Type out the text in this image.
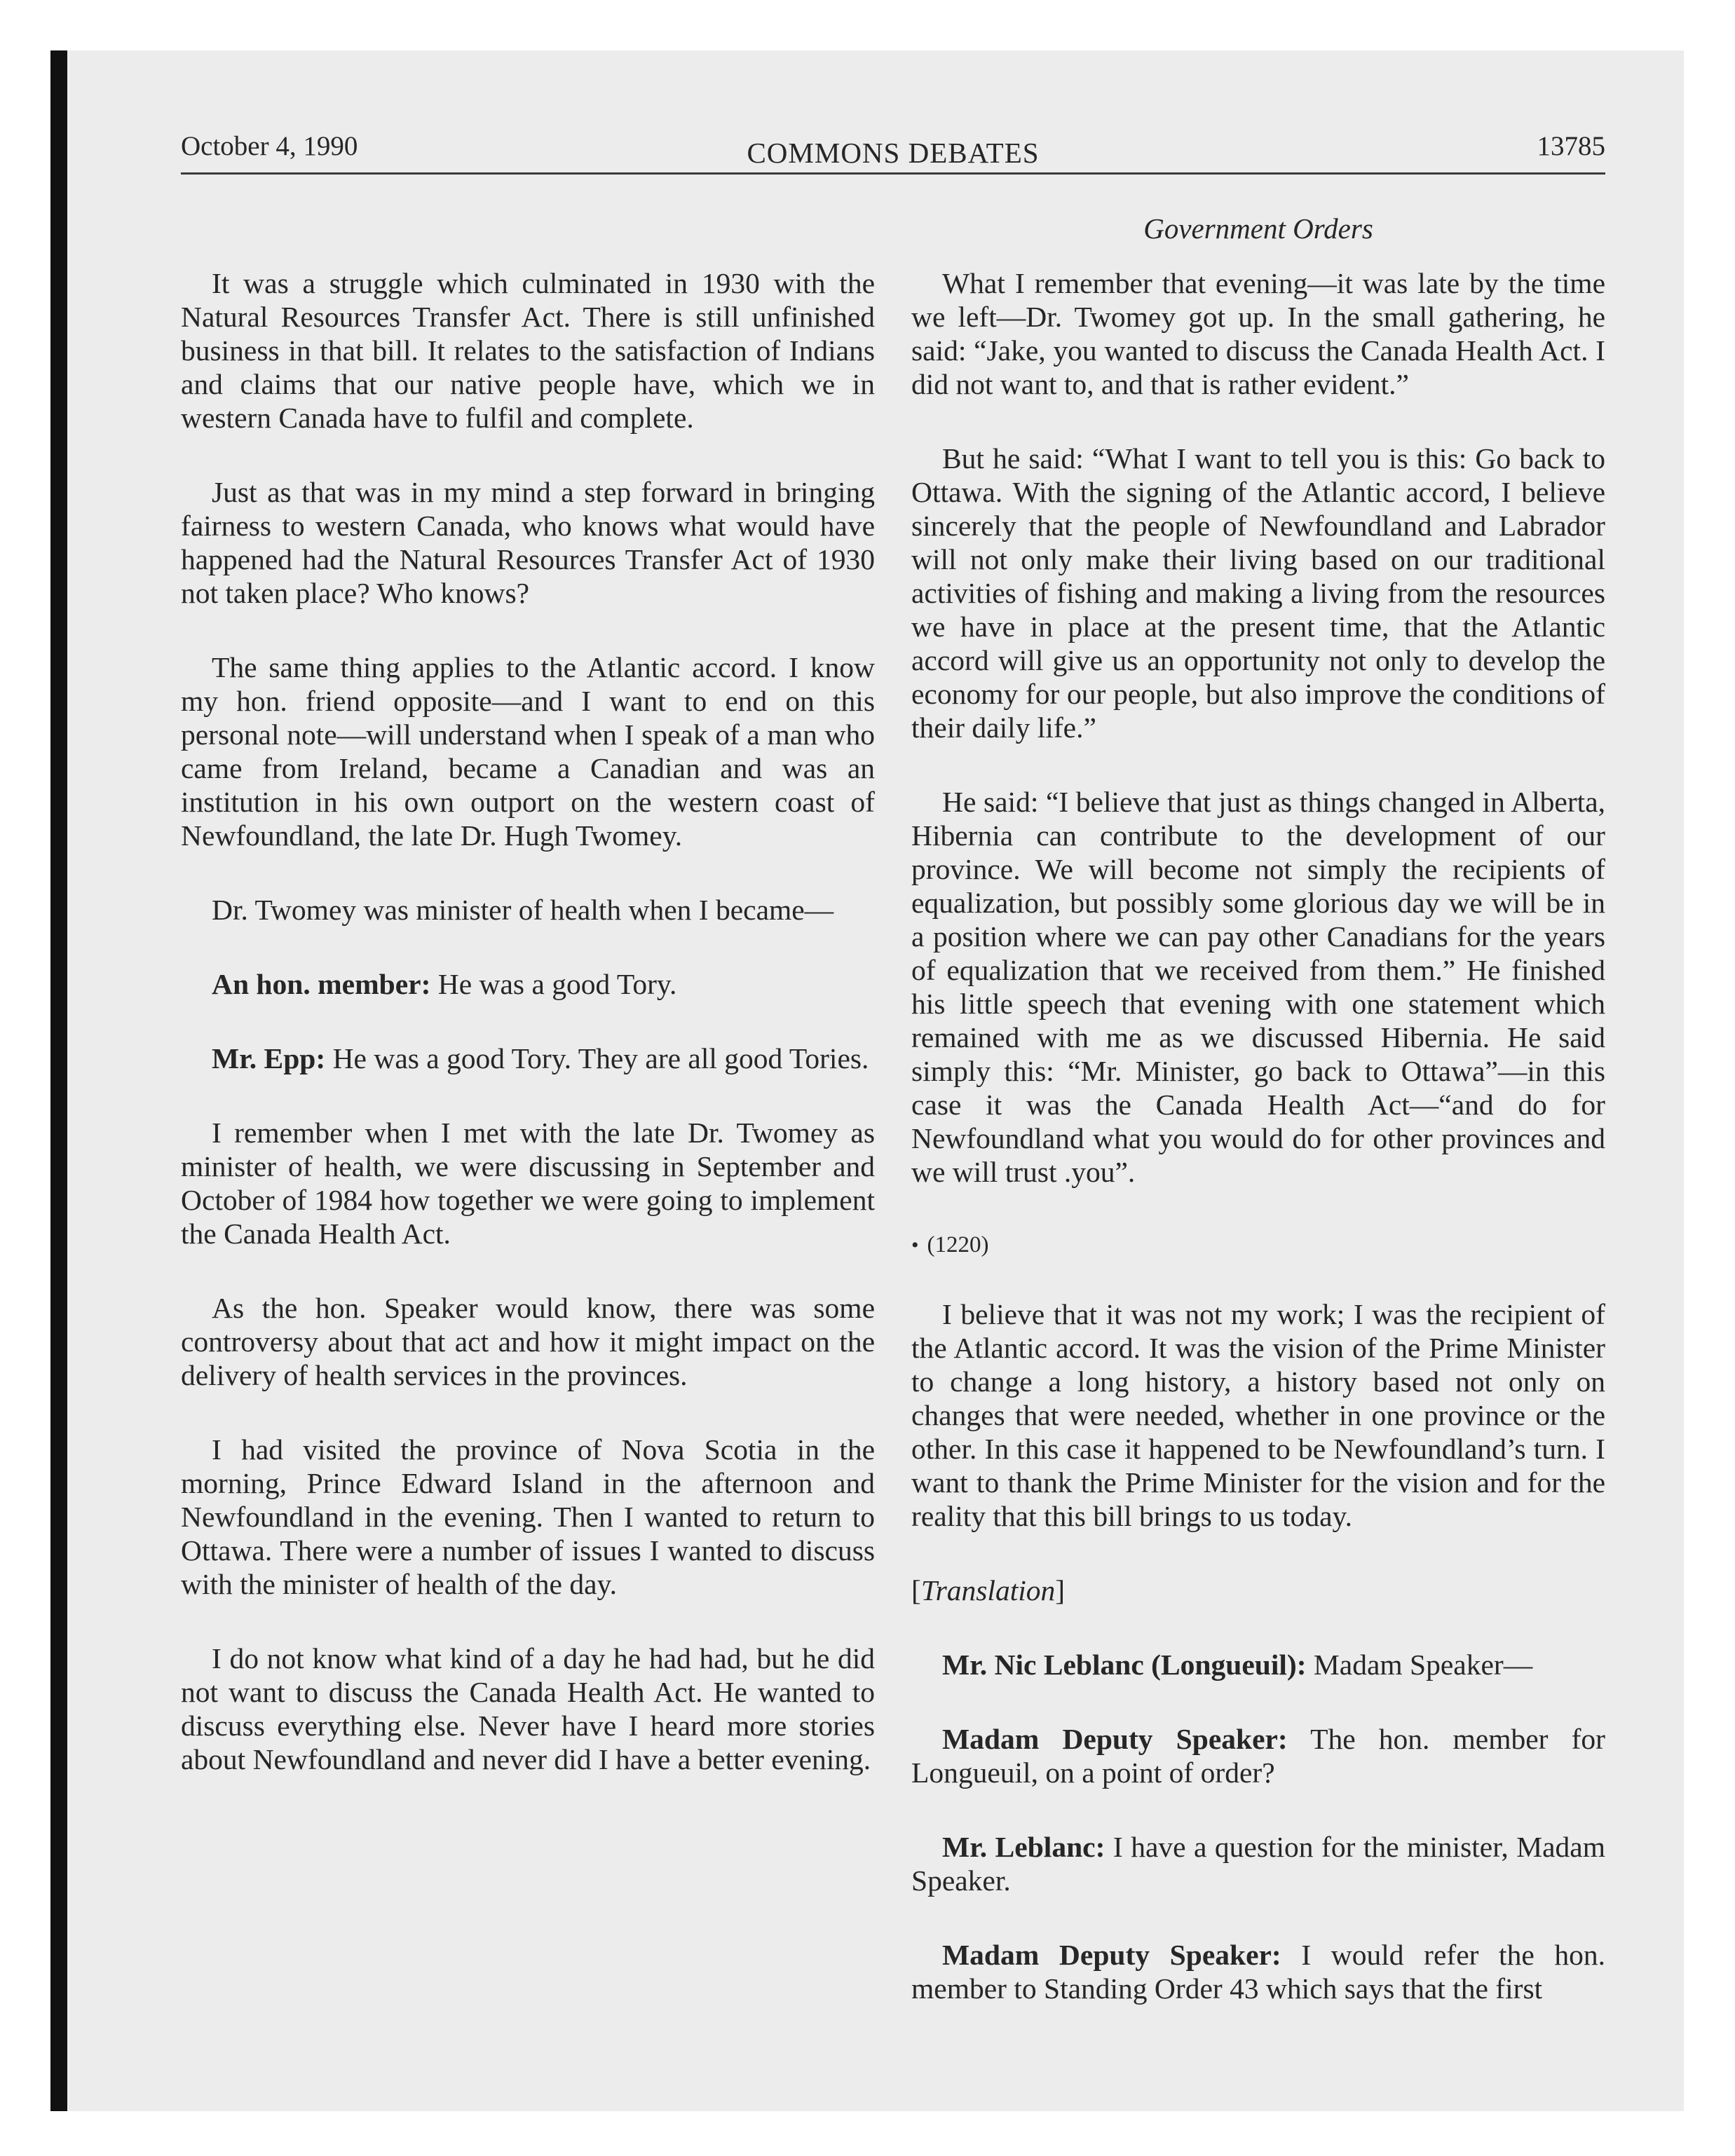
October 4, 1990	COMMONS DEBATES	13785
Government Orders

It was a struggle which culminated in 1930 with the Natural Resources Transfer Act. There is still unfinished business in that bill. It relates to the satisfaction of Indians and claims that our native people have, which we in western Canada have to fulfil and complete.

Just as that was in my mind a step forward in bringing fairness to western Canada, who knows what would have happened had the Natural Resources Transfer Act of 1930 not taken place? Who knows?

The same thing applies to the Atlantic accord. I know my hon. friend opposite—and I want to end on this personal note—will understand when I speak of a man who came from Ireland, became a Canadian and was an institution in his own outport on the western coast of Newfoundland, the late Dr. Hugh Twomey.

Dr. Twomey was minister of health when I became—

An hon. member: He was a good Tory.

Mr. Epp: He was a good Tory. They are all good Tories.

I remember when I met with the late Dr. Twomey as minister of health, we were discussing in September and October of 1984 how together we were going to implement the Canada Health Act.

As the hon. Speaker would know, there was some controversy about that act and how it might impact on the delivery of health services in the provinces.

I had visited the province of Nova Scotia in the morning, Prince Edward Island in the afternoon and Newfoundland in the evening. Then I wanted to return to Ottawa. There were a number of issues I wanted to discuss with the minister of health of the day.

I do not know what kind of a day he had had, but he did not want to discuss the Canada Health Act. He wanted to discuss everything else. Never have I heard more stories about Newfoundland and never did I have a better evening.

What I remember that evening—it was late by the time we left—Dr. Twomey got up. In the small gathering, he said: “Jake, you wanted to discuss the Canada Health Act. I did not want to, and that is rather evident.”

But he said: “What I want to tell you is this: Go back to Ottawa. With the signing of the Atlantic accord, I believe sincerely that the people of Newfoundland and Labrador will not only make their living based on our traditional activities of fishing and making a living from the resources we have in place at the present time, that the Atlantic accord will give us an opportunity not only to develop the economy for our people, but also improve the conditions of their daily life.”

He said: “I believe that just as things changed in Alberta, Hibernia can contribute to the development of our province. We will become not simply the recipients of equalization, but possibly some glorious day we will be in a position where we can pay other Canadians for the years of equalization that we received from them.” He finished his little speech that evening with one statement which remained with me as we discussed Hibernia. He said simply this: “Mr. Minister, go back to Ottawa”—in this case it was the Canada Health Act—“and do for Newfoundland what you would do for other provinces and we will trust .you”.

• (1220)

I believe that it was not my work; I was the recipient of the Atlantic accord. It was the vision of the Prime Minister to change a long history, a history based not only on changes that were needed, whether in one province or the other. In this case it happened to be Newfoundland’s turn. I want to thank the Prime Minister for the vision and for the reality that this bill brings to us today.

[Translation]

Mr. Nic Leblanc (Longueuil): Madam Speaker—

Madam Deputy Speaker: The hon. member for Longueuil, on a point of order?

Mr. Leblanc: I have a question for the minister, Madam Speaker.

Madam Deputy Speaker: I would refer the hon. member to Standing Order 43 which says that the first
